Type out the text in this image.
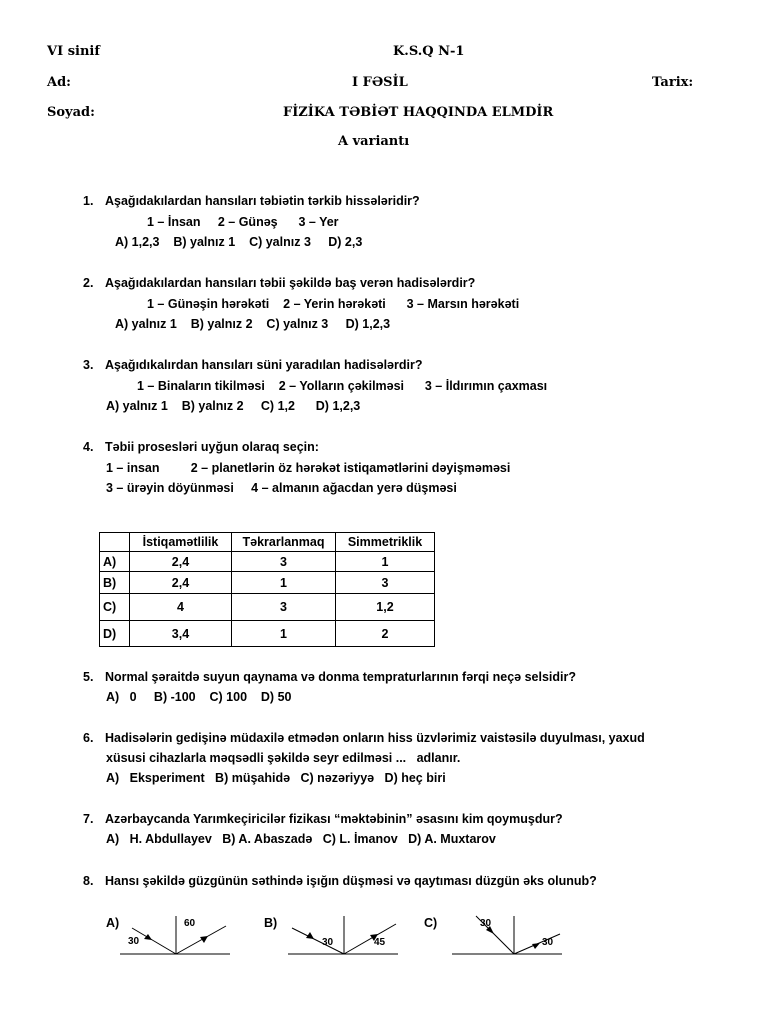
VI sinif	K.S.Q N-1
Ad:	I FƏSİL	Tarix:
Soyad:	FİZİKA TƏBİƏT HAQQINDA ELMDİR
A variantı
1. Aşağıdakılardan hansıları təbiətin tərkib hissələridir?
1 – İnsan     2 – Günəş      3 – Yer
A) 1,2,3    B) yalnız 1    C) yalnız 3     D) 2,3
2. Aşağıdakılardan hansıları təbii şəkildə baş verən hadisələrdir?
1 – Günəşin hərəkəti    2 – Yerin hərəkəti      3 – Marsın hərəkəti
A) yalnız 1    B) yalnız 2    C) yalnız 3     D) 1,2,3
3. Aşağıdıkalırdan hansıları süni yaradılan hadisələrdir?
1 – Binaların tikilməsi    2 – Yolların çəkilməsi      3 – İldırımın çaxması
A) yalnız 1    B) yalnız 2     C) 1,2      D) 1,2,3
4. Təbii prosesləri uyğun olaraq seçin:
1 – insan         2 – planetlərin öz hərəkət istiqamətlərini dəyişməməsi
3 – ürəyin döyünməsi     4 – almanın ağacdan yerə düşməsi
	İstiqamətlilik	Təkrarlanmaq	Simmetriklik
A)	2,4	3	1
B)	2,4	1	3
C)	4	3	1,2
D)	3,4	1	2
5. Normal şəraitdə suyun qaynama və donma tempraturlarının fərqi neçə selsidir?
A)   0     B) -100    C) 100    D) 50
6. Hadisələrin gedişinə müdaxilə etmədən onların hiss üzvlərimiz vaistəsilə duyulması, yaxud
xüsusi cihazlarla məqsədli şəkildə seyr edilməsi ...   adlanır.
A)   Eksperiment   B) müşahidə   C) nəzəriyyə   D) heç biri
7. Azərbaycanda Yarımkeçiricilər fizikası “məktəbinin” əsasını kim qoymuşdur?
A)   H. Abdullayev   B) A. Abaszadə   C) L. İmanov   D) A. Muxtarov
8. Hansı şəkildə güzgünün səthində işığın düşməsi və qaytıması düzgün əks olunub?
A)
30
60	B)
30	45
C)	30
30
